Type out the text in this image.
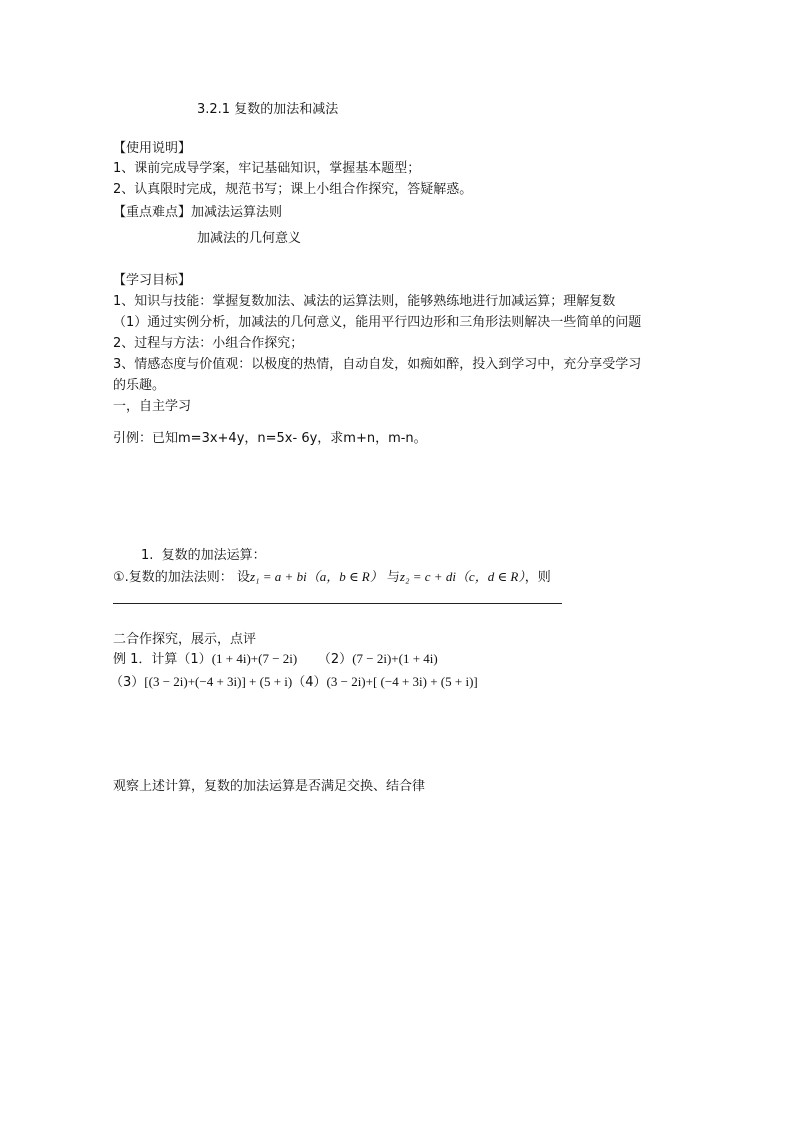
3.2.1 复数的加法和减法
【使用说明】
1、课前完成导学案，牢记基础知识，掌握基本题型；
2、认真限时完成，规范书写；课上小组合作探究，答疑解惑。
【重点难点】加减法运算法则
加减法的几何意义
【学习目标】
1、知识与技能：掌握复数加法、减法的运算法则，能够熟练地进行加减运算；理解复数
（1）通过实例分析，加减法的几何意义，能用平行四边形和三角形法则解决一些简单的问题
2、过程与方法：小组合作探究；
3、情感态度与价值观：以极度的热情，自动自发，如痴如醉，投入到学习中，充分享受学习
的乐趣。
一，自主学习
引例：已知m=3x+4y，n=5x- 6y，求m+n，m-n。
1. 复数的加法运算：
①.复数的加法法则： 设z₁ = a + bi（a，b ∈ R） 与z₂ = c + di（c，d ∈ R），则
二合作探究，展示，点评
例 1．计算（1）(1 + 4i)+(7 − 2i) （2）(7 − 2i)+(1 + 4i)
（3）[(3 − 2i)+(−4 + 3i)] + (5 + i)（4）(3 − 2i)+[ (−4 + 3i) + (5 + i)]
观察上述计算，复数的加法运算是否满足交换、结合律
